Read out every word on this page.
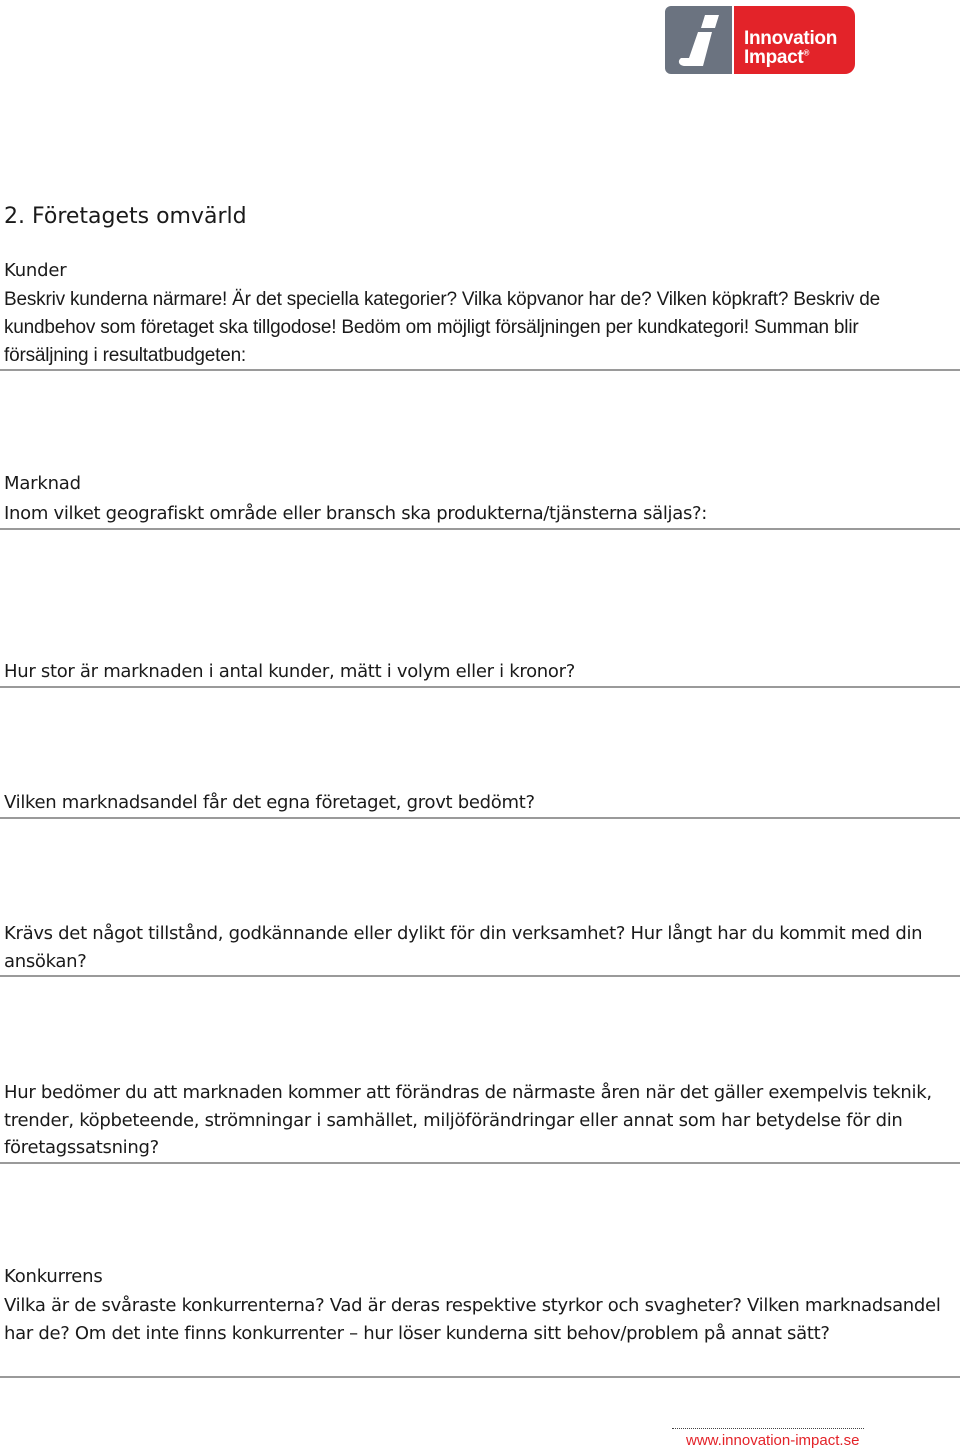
Innovation
Impact®
2. Företagets omvärld
Kunder

Beskriv kunderna närmare! Är det speciella kategorier? Vilka köpvanor har de? Vilken köpkraft? Beskriv de kundbehov som företaget ska tillgodose! Bedöm om möjligt försäljningen per kundkategori! Summan blir försäljning i resultatbudgeten:

Marknad

Inom vilket geografiskt område eller bransch ska produkterna/tjänsterna säljas?:

Hur stor är marknaden i antal kunder, mätt i volym eller i kronor?

Vilken marknadsandel får det egna företaget, grovt bedömt?

Krävs det något tillstånd, godkännande eller dylikt för din verksamhet? Hur långt har du kommit med din ansökan?

Hur bedömer du att marknaden kommer att förändras de närmaste åren när det gäller exempelvis teknik, trender, köpbeteende, strömningar i samhället, miljöförändringar eller annat som har betydelse för din företagssatsning?

Konkurrens

Vilka är de svåraste konkurrenterna? Vad är deras respektive styrkor och svagheter? Vilken marknadsandel har de? Om det inte finns konkurrenter – hur löser kunderna sitt behov/problem på annat sätt?

www.innovation-impact.se
